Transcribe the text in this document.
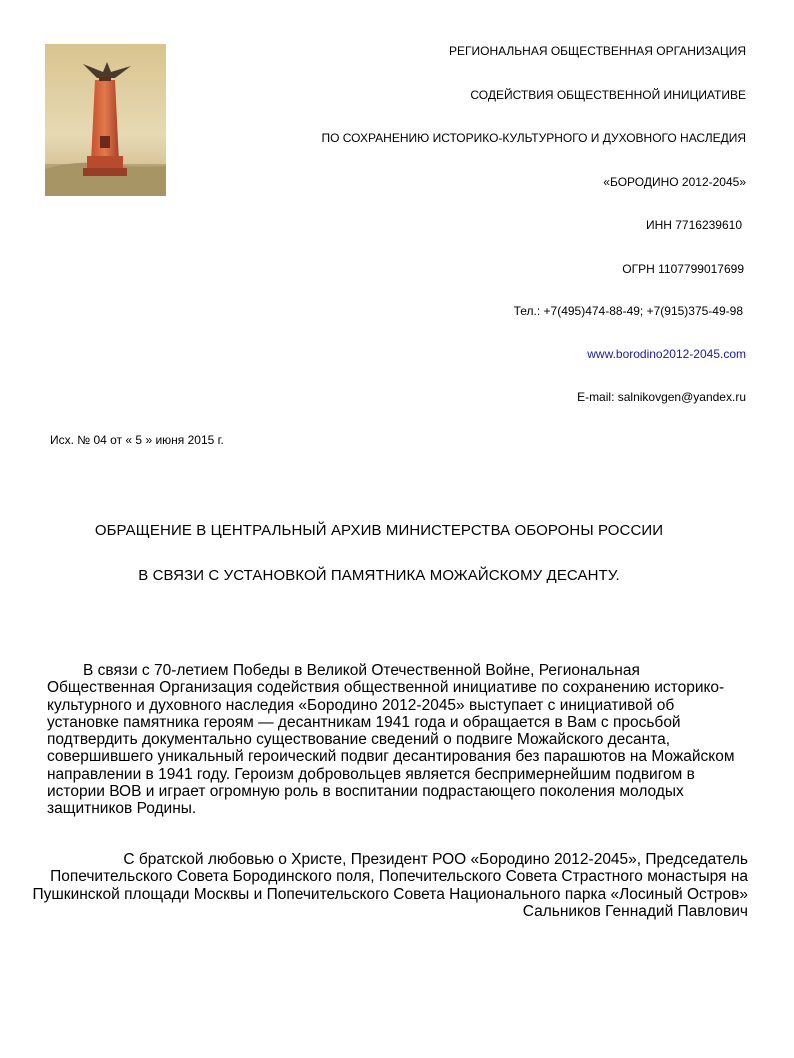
РЕГИОНАЛЬНАЯ ОБЩЕСТВЕННАЯ ОРГАНИЗАЦИЯ
СОДЕЙСТВИЯ ОБЩЕСТВЕННОЙ ИНИЦИАТИВЕ
ПО СОХРАНЕНИЮ ИСТОРИКО-КУЛЬТУРНОГО И ДУХОВНОГО НАСЛЕДИЯ
«БОРОДИНО 2012-2045»
ИНН 7716239610
ОГРН 1107799017699
Тел.: +7(495)474-88-49; +7(915)375-49-98
www.borodino2012-2045.com
E-mail: salnikovgen@yandex.ru
Исх. № 04 от « 5 » июня 2015 г.
ОБРАЩЕНИЕ В ЦЕНТРАЛЬНЫЙ АРХИВ МИНИСТЕРСТВА ОБОРОНЫ РОССИИ
В СВЯЗИ С УСТАНОВКОЙ ПАМЯТНИКА МОЖАЙСКОМУ ДЕСАНТУ.
В связи с 70-летием Победы в Великой Отечественной Войне, Региональная Общественная Организация содействия общественной инициативе по сохранению историко-культурного и духовного наследия «Бородино 2012-2045» выступает с инициативой об установке памятника героям — десантникам 1941 года и обращается в Вам с просьбой подтвердить документально существование сведений о подвиге Можайского десанта, совершившего уникальный героический подвиг десантирования без парашютов на Можайском направлении в 1941 году. Героизм добровольцев является беспримернейшим подвигом в истории ВОВ и играет огромную роль в воспитании подрастающего поколения молодых защитников Родины.
С братской любовью о Христе, Президент РОО «Бородино 2012-2045», Председатель Попечительского Совета Бородинского поля, Попечительского Совета Страстного монастыря на Пушкинской площади Москвы и Попечительского Совета Национального парка «Лосиный Остров» Сальников Геннадий Павлович
